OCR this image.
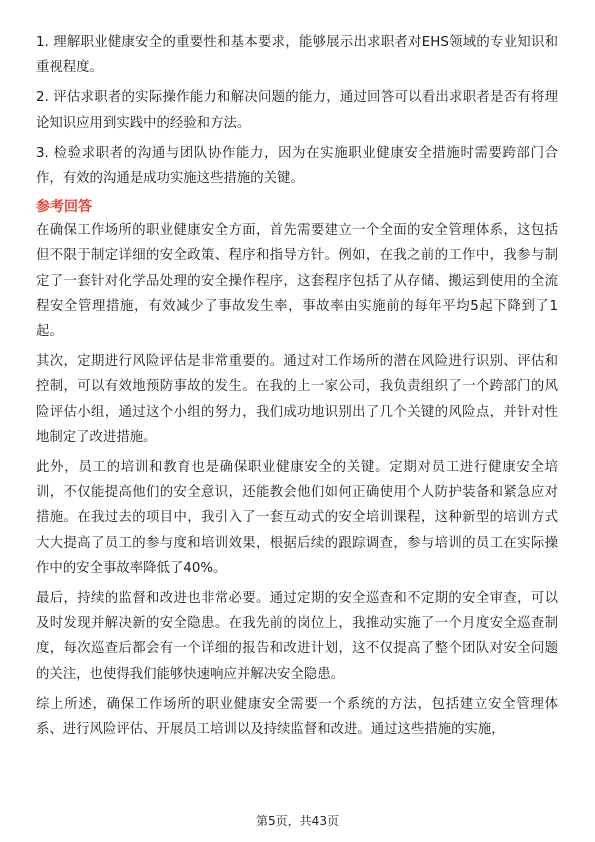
1. 理解职业健康安全的重要性和基本要求，能够展示出求职者对EHS领域的专业知识和重视程度。

2. 评估求职者的实际操作能力和解决问题的能力，通过回答可以看出求职者是否有将理论知识应用到实践中的经验和方法。

3. 检验求职者的沟通与团队协作能力，因为在实施职业健康安全措施时需要跨部门合作，有效的沟通是成功实施这些措施的关键。

参考回答

在确保工作场所的职业健康安全方面，首先需要建立一个全面的安全管理体系，这包括但不限于制定详细的安全政策、程序和指导方针。例如，在我之前的工作中，我参与制定了一套针对化学品处理的安全操作程序，这套程序包括了从存储、搬运到使用的全流程安全管理措施，有效减少了事故发生率，事故率由实施前的每年平均5起下降到了1起。

其次，定期进行风险评估是非常重要的。通过对工作场所的潜在风险进行识别、评估和控制，可以有效地预防事故的发生。在我的上一家公司，我负责组织了一个跨部门的风险评估小组，通过这个小组的努力，我们成功地识别出了几个关键的风险点，并针对性地制定了改进措施。

此外，员工的培训和教育也是确保职业健康安全的关键。定期对员工进行健康安全培训，不仅能提高他们的安全意识，还能教会他们如何正确使用个人防护装备和紧急应对措施。在我过去的项目中，我引入了一套互动式的安全培训课程，这种新型的培训方式大大提高了员工的参与度和培训效果，根据后续的跟踪调查，参与培训的员工在实际操作中的安全事故率降低了40%。

最后，持续的监督和改进也非常必要。通过定期的安全巡查和不定期的安全审查，可以及时发现并解决新的安全隐患。在我先前的岗位上，我推动实施了一个月度安全巡查制度，每次巡查后都会有一个详细的报告和改进计划，这不仅提高了整个团队对安全问题的关注，也使得我们能够快速响应并解决安全隐患。

综上所述，确保工作场所的职业健康安全需要一个系统的方法，包括建立安全管理体系、进行风险评估、开展员工培训以及持续监督和改进。通过这些措施的实施，

第5页，共43页
